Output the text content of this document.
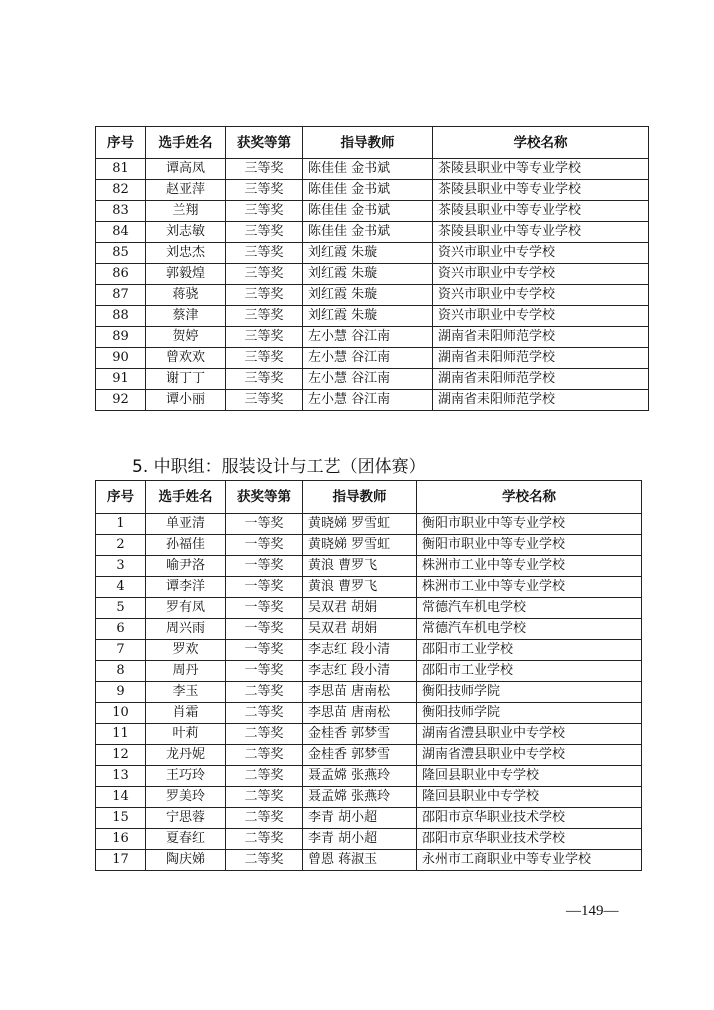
序号	选手姓名	获奖等第	指导教师	学校名称
81	谭高凤	三等奖	陈佳佳 金书斌	茶陵县职业中等专业学校
82	赵亚萍	三等奖	陈佳佳 金书斌	茶陵县职业中等专业学校
83	兰翔	三等奖	陈佳佳 金书斌	茶陵县职业中等专业学校
84	刘志敏	三等奖	陈佳佳 金书斌	茶陵县职业中等专业学校
85	刘忠杰	三等奖	刘红霞 朱璇	资兴市职业中专学校
86	郭毅煌	三等奖	刘红霞 朱璇	资兴市职业中专学校
87	蒋骁	三等奖	刘红霞 朱璇	资兴市职业中专学校
88	蔡津	三等奖	刘红霞 朱璇	资兴市职业中专学校
89	贺婷	三等奖	左小慧 谷江南	湖南省耒阳师范学校
90	曾欢欢	三等奖	左小慧 谷江南	湖南省耒阳师范学校
91	谢丁丁	三等奖	左小慧 谷江南	湖南省耒阳师范学校
92	谭小丽	三等奖	左小慧 谷江南	湖南省耒阳师范学校
5. 中职组：服装设计与工艺（团体赛）
序号	选手姓名	获奖等第	指导教师	学校名称
1	单亚清	一等奖	黄晓娣 罗雪虹	衡阳市职业中等专业学校
2	孙福佳	一等奖	黄晓娣 罗雪虹	衡阳市职业中等专业学校
3	喻尹洛	一等奖	黄浪 曹罗飞	株洲市工业中等专业学校
4	谭李洋	一等奖	黄浪 曹罗飞	株洲市工业中等专业学校
5	罗有凤	一等奖	吴双君 胡娟	常德汽车机电学校
6	周兴雨	一等奖	吴双君 胡娟	常德汽车机电学校
7	罗欢	一等奖	李志红 段小清	邵阳市工业学校
8	周丹	一等奖	李志红 段小清	邵阳市工业学校
9	李玉	二等奖	李思苗 唐南松	衡阳技师学院
10	肖霜	二等奖	李思苗 唐南松	衡阳技师学院
11	叶莉	二等奖	金桂香 郭梦雪	湖南省澧县职业中专学校
12	龙丹妮	二等奖	金桂香 郭梦雪	湖南省澧县职业中专学校
13	王巧玲	二等奖	聂孟嫦 张燕玲	隆回县职业中专学校
14	罗美玲	二等奖	聂孟嫦 张燕玲	隆回县职业中专学校
15	宁思蓉	二等奖	李青 胡小超	邵阳市京华职业技术学校
16	夏春红	二等奖	李青 胡小超	邵阳市京华职业技术学校
17	陶庆娣	二等奖	曾恩 蒋淑玉	永州市工商职业中等专业学校
—149—
